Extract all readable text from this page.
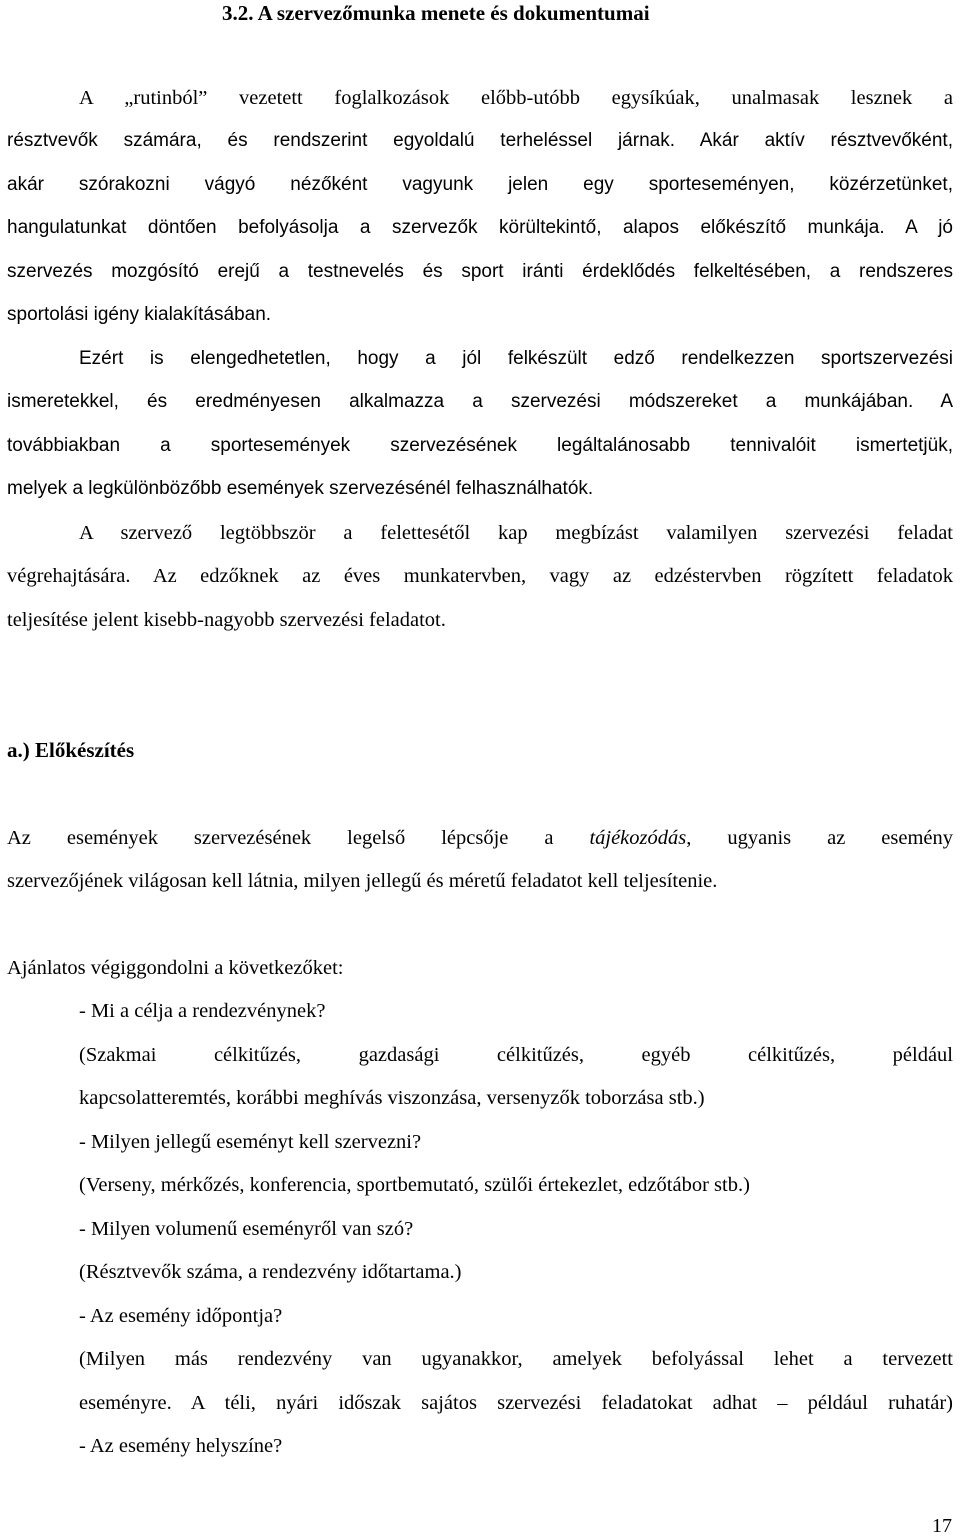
3.2. A szervezőmunka menete és dokumentumai
A „rutinból” vezetett foglalkozások előbb-utóbb egysíkúak, unalmasak lesznek a
résztvevők számára, és rendszerint egyoldalú terheléssel járnak. Akár aktív résztvevőként,
akár szórakozni vágyó nézőként vagyunk jelen egy sporteseményen, közérzetünket,
hangulatunkat döntően befolyásolja a szervezők körültekintő, alapos előkészítő munkája. A jó
szervezés mozgósító erejű a testnevelés és sport iránti érdeklődés felkeltésében, a rendszeres
sportolási igény kialakításában.
Ezért is elengedhetetlen, hogy a jól felkészült edző rendelkezzen sportszervezési
ismeretekkel, és eredményesen alkalmazza a szervezési módszereket a munkájában. A
továbbiakban a sportesemények szervezésének legáltalánosabb tennivalóit ismertetjük,
melyek a legkülönbözőbb események szervezésénél felhasználhatók.
A szervező legtöbbször a felettesétől kap megbízást valamilyen szervezési feladat
végrehajtására. Az edzőknek az éves munkatervben, vagy az edzéstervben rögzített feladatok
teljesítése jelent kisebb-nagyobb szervezési feladatot.
a.) Előkészítés
Az események szervezésének legelső lépcsője a tájékozódás, ugyanis az esemény
szervezőjének világosan kell látnia, milyen jellegű és méretű feladatot kell teljesítenie.
Ajánlatos végiggondolni a következőket:
- Mi a célja a rendezvénynek?
(Szakmai célkitűzés, gazdasági célkitűzés, egyéb célkitűzés, például
kapcsolatteremtés, korábbi meghívás viszonzása, versenyzők toborzása stb.)
- Milyen jellegű eseményt kell szervezni?
(Verseny, mérkőzés, konferencia, sportbemutató, szülői értekezlet, edzőtábor stb.)
- Milyen volumenű eseményről van szó?
(Résztvevők száma, a rendezvény időtartama.)
- Az esemény időpontja?
(Milyen más rendezvény van ugyanakkor, amelyek befolyással lehet a tervezett
eseményre. A téli, nyári időszak sajátos szervezési feladatokat adhat – például ruhatár)
- Az esemény helyszíne?
17
